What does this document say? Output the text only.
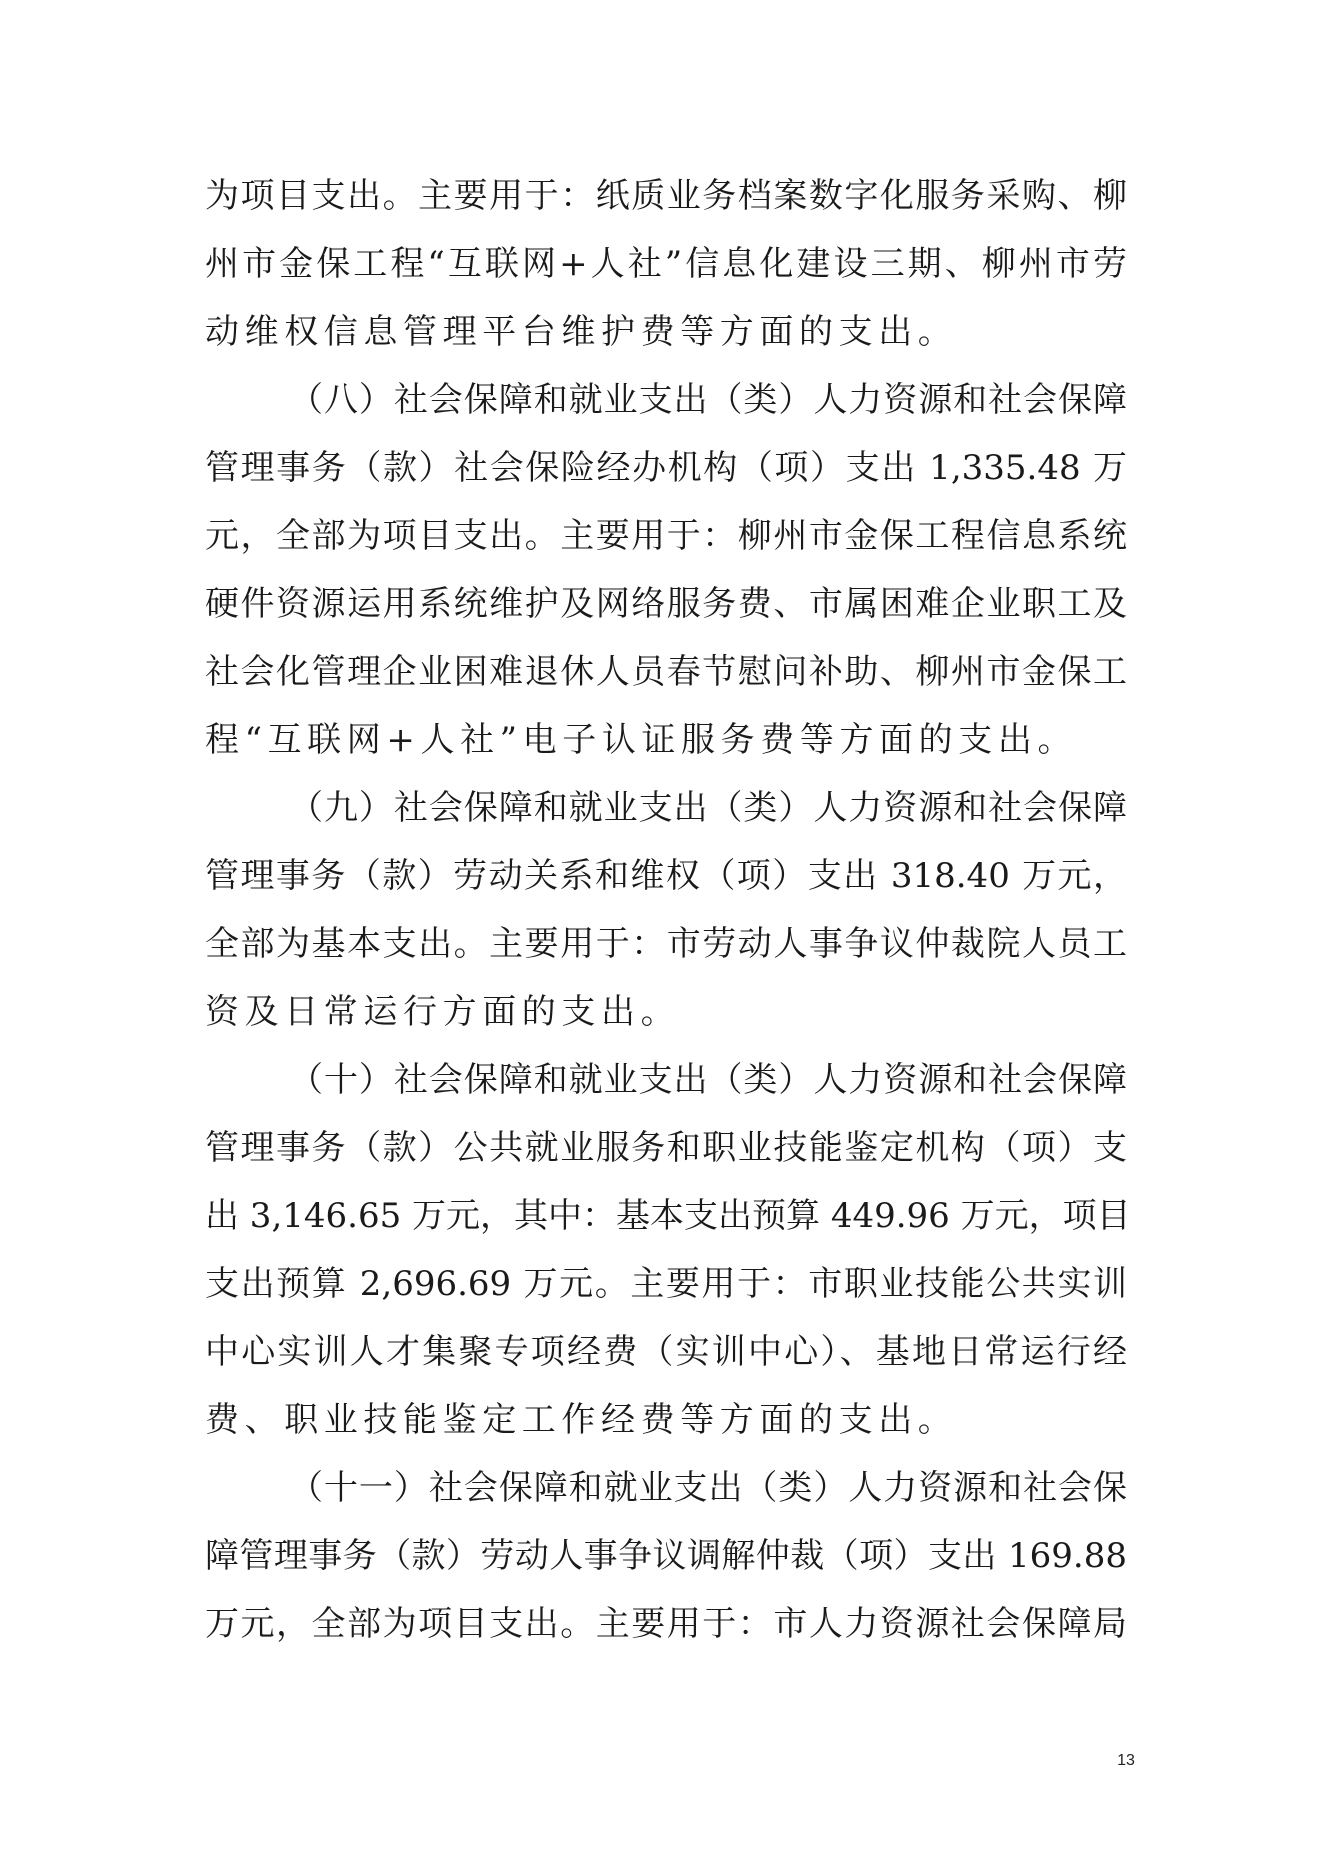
为项目支出。主要用于：纸质业务档案数字化服务采购、柳
州市金保工程“互联网+人社”信息化建设三期、柳州市劳
动维权信息管理平台维护费等方面的支出。
（八）社会保障和就业支出（类）人力资源和社会保障
管理事务（款）社会保险经办机构（项）支出 1,335.48 万
元，全部为项目支出。主要用于：柳州市金保工程信息系统
硬件资源运用系统维护及网络服务费、市属困难企业职工及
社会化管理企业困难退休人员春节慰问补助、柳州市金保工
程“互联网+人社”电子认证服务费等方面的支出。
（九）社会保障和就业支出（类）人力资源和社会保障
管理事务（款）劳动关系和维权（项）支出 318.40 万元，
全部为基本支出。主要用于：市劳动人事争议仲裁院人员工
资及日常运行方面的支出。
（十）社会保障和就业支出（类）人力资源和社会保障
管理事务（款）公共就业服务和职业技能鉴定机构（项）支
出 3,146.65 万元，其中：基本支出预算 449.96 万元，项目
支出预算 2,696.69 万元。主要用于：市职业技能公共实训
中心实训人才集聚专项经费（实训中心）、基地日常运行经
费、职业技能鉴定工作经费等方面的支出。
（十一）社会保障和就业支出（类）人力资源和社会保
障管理事务（款）劳动人事争议调解仲裁（项）支出 169.88
万元，全部为项目支出。主要用于：市人力资源社会保障局
13
